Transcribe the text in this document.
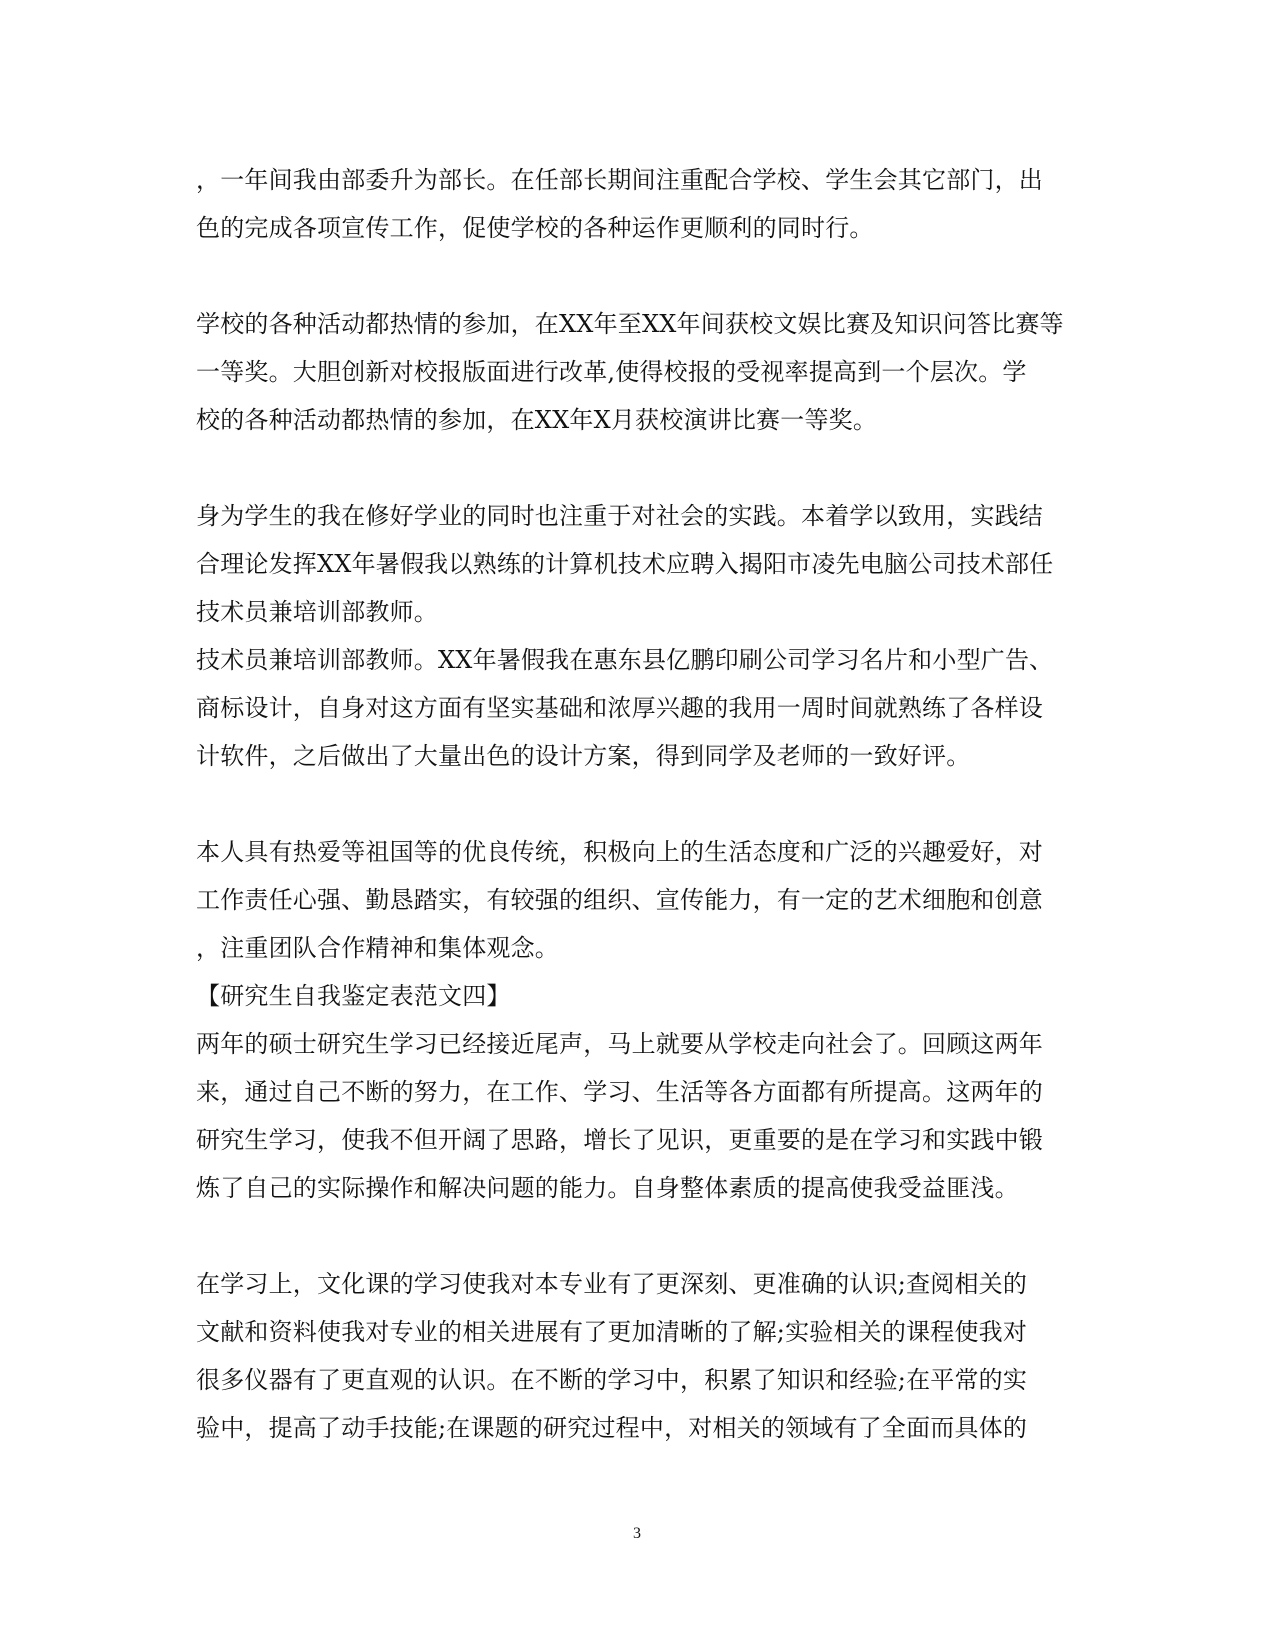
，一年间我由部委升为部长。在任部长期间注重配合学校、学生会其它部门，出
色的完成各项宣传工作，促使学校的各种运作更顺利的同时行。
学校的各种活动都热情的参加，在XX年至XX年间获校文娱比赛及知识问答比赛等
一等奖。大胆创新对校报版面进行改革,使得校报的受视率提高到一个层次。学
校的各种活动都热情的参加，在XX年X月获校演讲比赛一等奖。
身为学生的我在修好学业的同时也注重于对社会的实践。本着学以致用，实践结
合理论发挥XX年暑假我以熟练的计算机技术应聘入揭阳市凌先电脑公司技术部任
技术员兼培训部教师。
技术员兼培训部教师。XX年暑假我在惠东县亿鹏印刷公司学习名片和小型广告、
商标设计，自身对这方面有坚实基础和浓厚兴趣的我用一周时间就熟练了各样设
计软件，之后做出了大量出色的设计方案，得到同学及老师的一致好评。
本人具有热爱等祖国等的优良传统，积极向上的生活态度和广泛的兴趣爱好，对
工作责任心强、勤恳踏实，有较强的组织、宣传能力，有一定的艺术细胞和创意
，注重团队合作精神和集体观念。
【研究生自我鉴定表范文四】
两年的硕士研究生学习已经接近尾声，马上就要从学校走向社会了。回顾这两年
来，通过自己不断的努力，在工作、学习、生活等各方面都有所提高。这两年的
研究生学习，使我不但开阔了思路，增长了见识，更重要的是在学习和实践中锻
炼了自己的实际操作和解决问题的能力。自身整体素质的提高使我受益匪浅。
在学习上，文化课的学习使我对本专业有了更深刻、更准确的认识;查阅相关的
文献和资料使我对专业的相关进展有了更加清晰的了解;实验相关的课程使我对
很多仪器有了更直观的认识。在不断的学习中，积累了知识和经验;在平常的实
验中，提高了动手技能;在课题的研究过程中，对相关的领域有了全面而具体的
3
